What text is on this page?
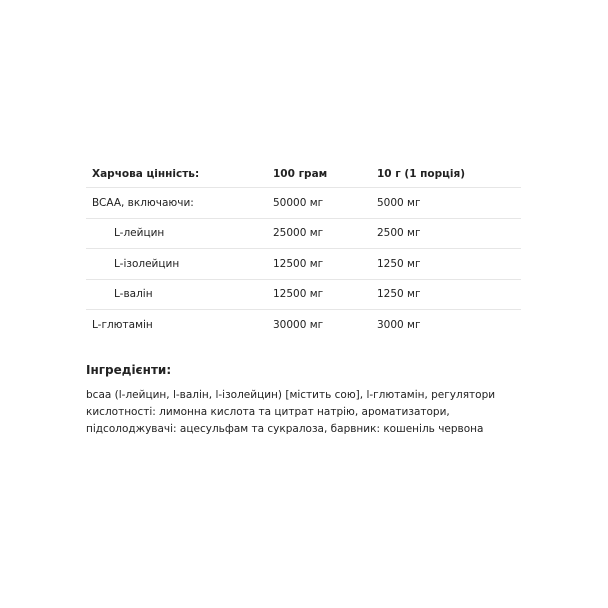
Харчова цінність:	100 грам	10 г (1 порція)
BCAA, включаючи:	50000 мг	5000 мг
L-лейцин	25000 мг	2500 мг
L-ізолейцин	12500 мг	1250 мг
L-валін	12500 мг	1250 мг
L-глютамін	30000 мг	3000 мг
Інгредієнти:
bcaa (l-лейцин, l-валін, l-ізолейцин) [містить сою], l-глютамін, регулятори кислотності: лимонна кислота та цитрат натрію, ароматизатори, підсолоджувачі: ацесульфам та сукралоза, барвник: кошеніль червона
